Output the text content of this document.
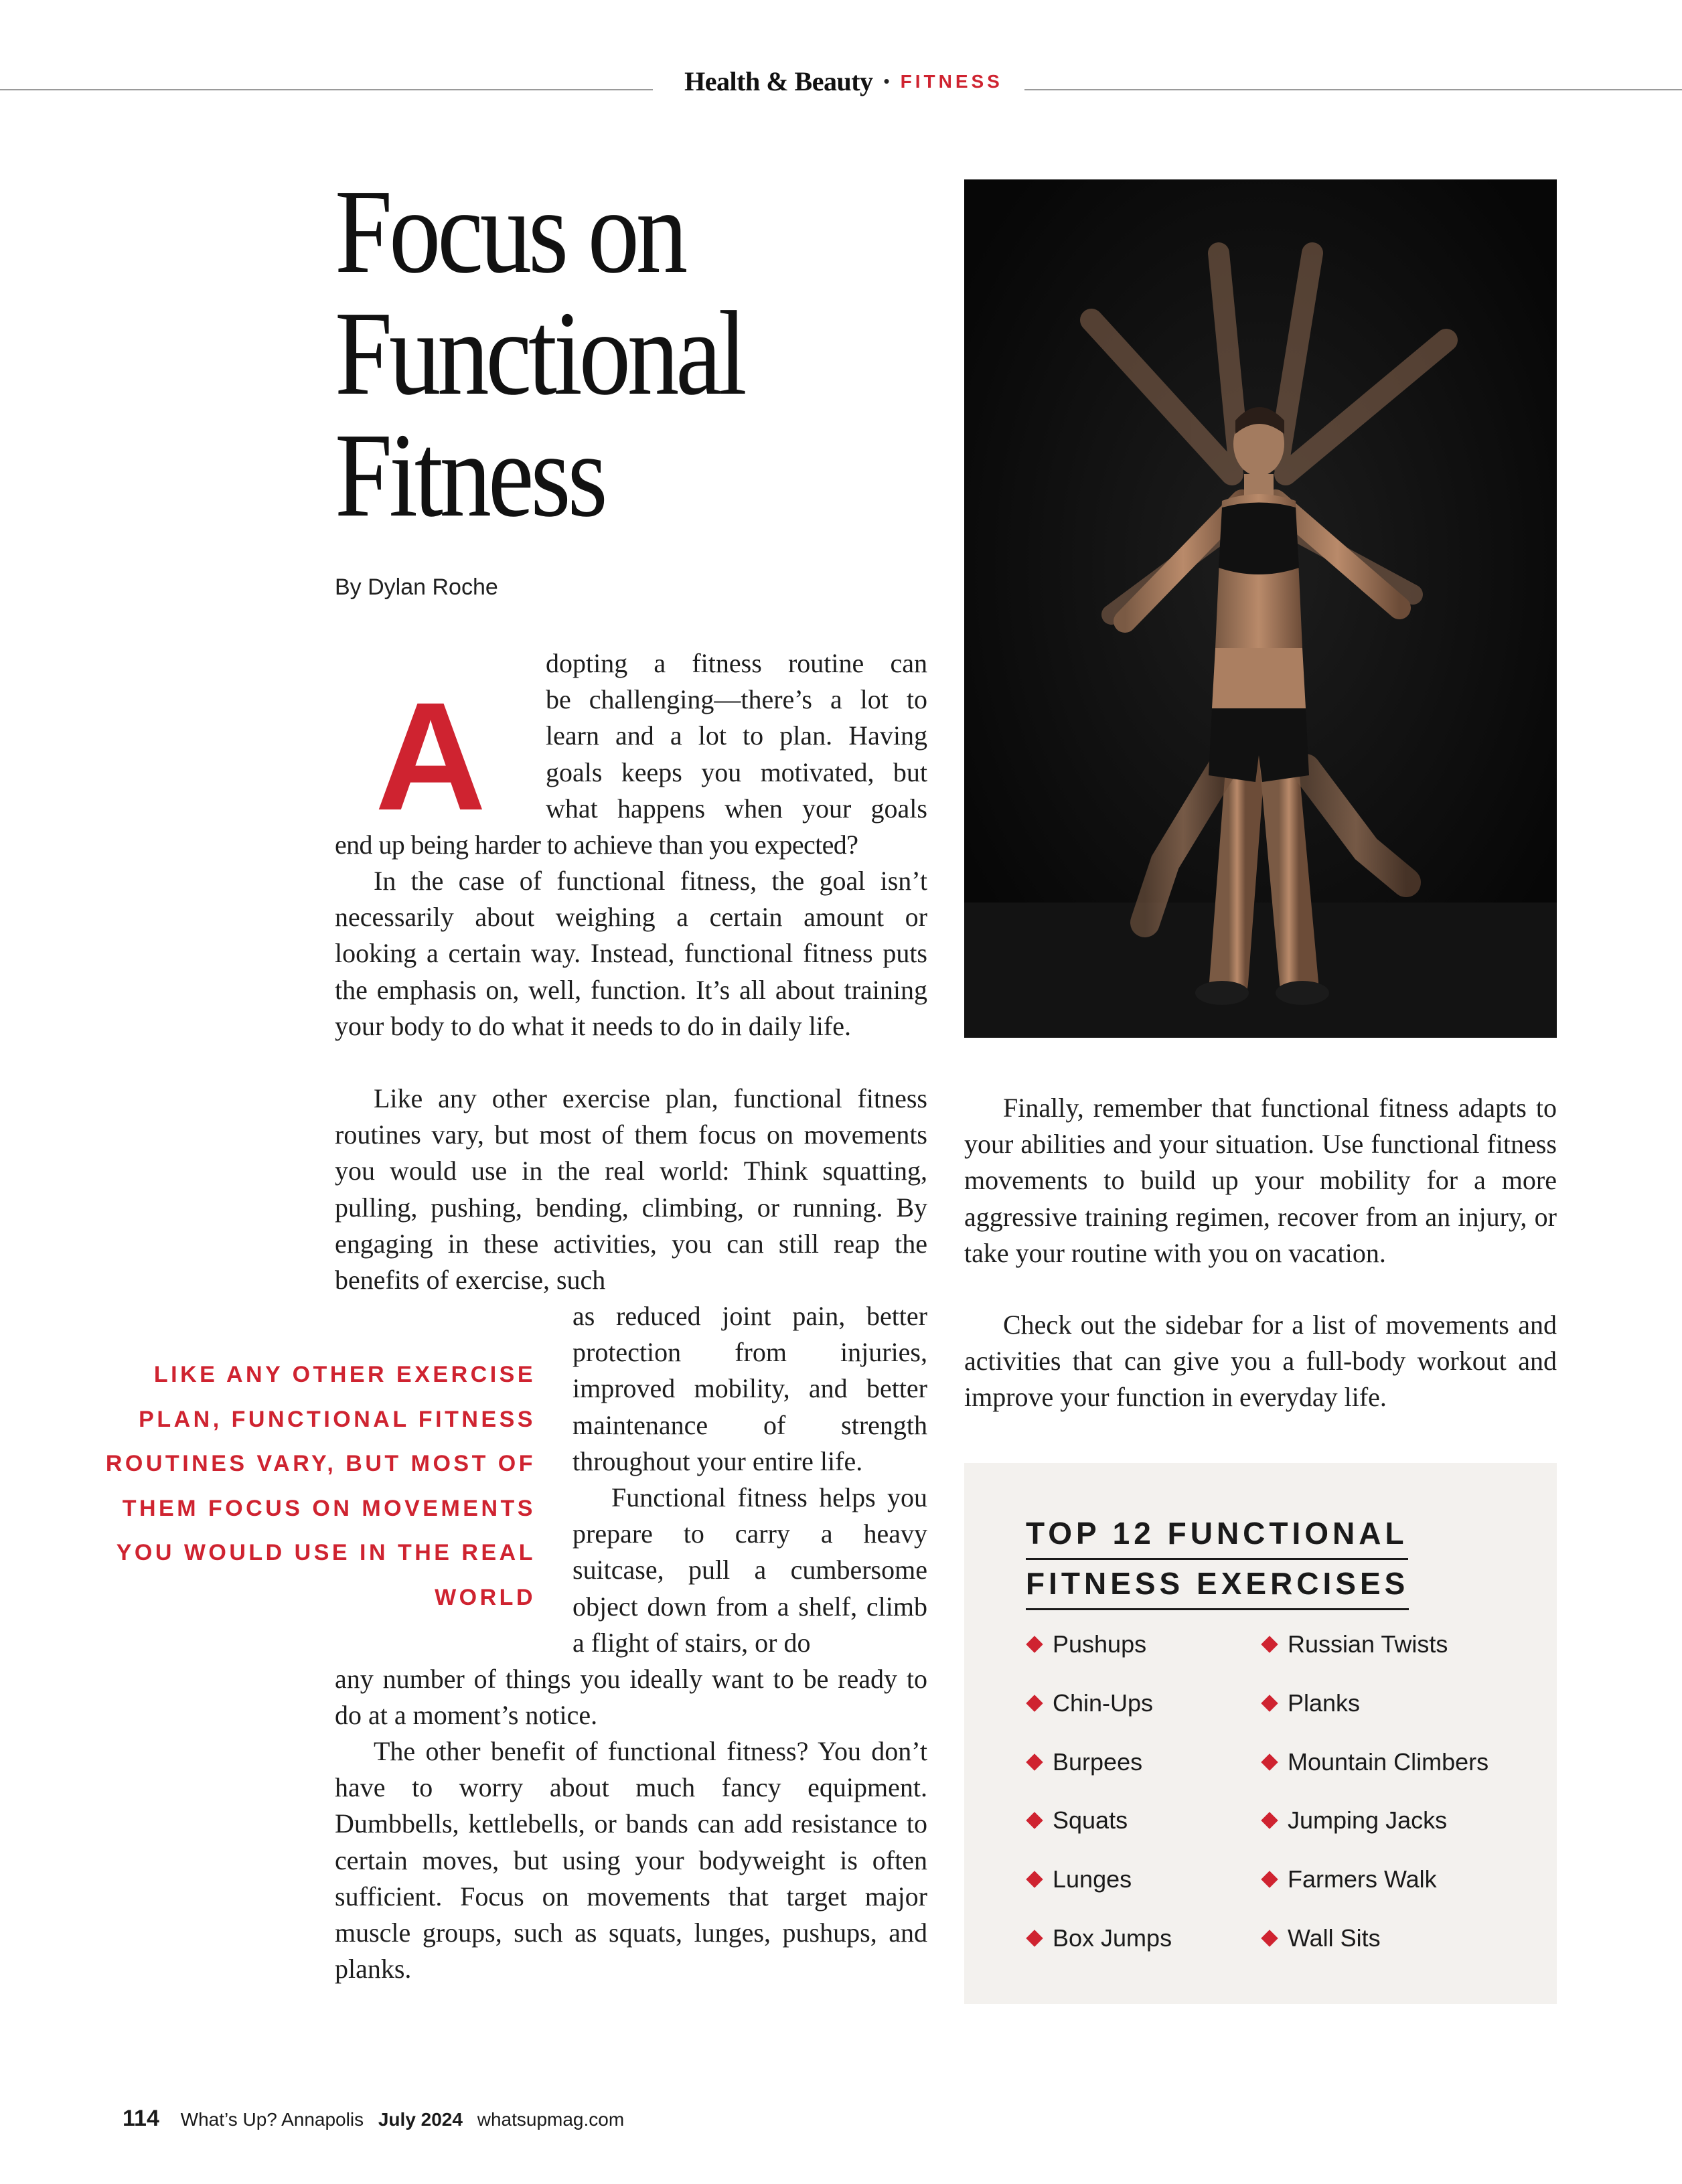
Health & Beauty • FITNESS
Focus on
Functional
Fitness
By Dylan Roche
A
dopting a fitness routine can
be challenging—there’s a lot to
learn and a lot to plan. Having
goals keeps you motivated, but
what happens when your goals
end up being harder to achieve than you expected?

In the case of functional fitness, the goal isn’t necessarily about weighing a certain amount or looking a certain way. Instead, functional fitness puts the emphasis on, well, function. It’s all about training your body to do what it needs to do in daily life.

Like any other exercise plan, functional fitness routines vary, but most of them focus on movements you would use in the real world: Think squatting, pulling, pushing, bending, climbing, or running. By engaging in these activities, you can still reap the benefits of exercise, such

as reduced joint pain, better protection from injuries, improved mobility, and better maintenance of strength throughout your entire life.

LIKE ANY OTHER EXERCISE PLAN, FUNCTIONAL FITNESS ROUTINES VARY, BUT MOST OF THEM FOCUS ON MOVEMENTS YOU WOULD USE IN THE REAL WORLD

Functional fitness helps you prepare to carry a heavy suitcase, pull a cumbersome object down from a shelf, climb a flight of stairs, or do

any number of things you ideally want to be ready to do at a moment’s notice.

The other benefit of functional fitness? You don’t have to worry about much fancy equipment. Dumbbells, kettlebells, or bands can add resistance to certain moves, but using your bodyweight is often sufficient. Focus on movements that target major muscle groups, such as squats, lunges, pushups, and planks.

Finally, remember that functional fitness adapts to your abilities and your situation. Use functional fitness movements to build up your mobility for a more aggressive training regimen, recover from an injury, or take your routine with you on vacation.

Check out the sidebar for a list of movements and activities that can give you a full-body workout and improve your function in everyday life.

TOP 12 FUNCTIONAL
FITNESS EXERCISES
Pushups
Chin-Ups
Burpees
Squats
Lunges
Box Jumps
Russian Twists
Planks
Mountain Climbers
Jumping Jacks
Farmers Walk
Wall Sits
114 What’s Up? Annapolis July 2024 whatsupmag.com
